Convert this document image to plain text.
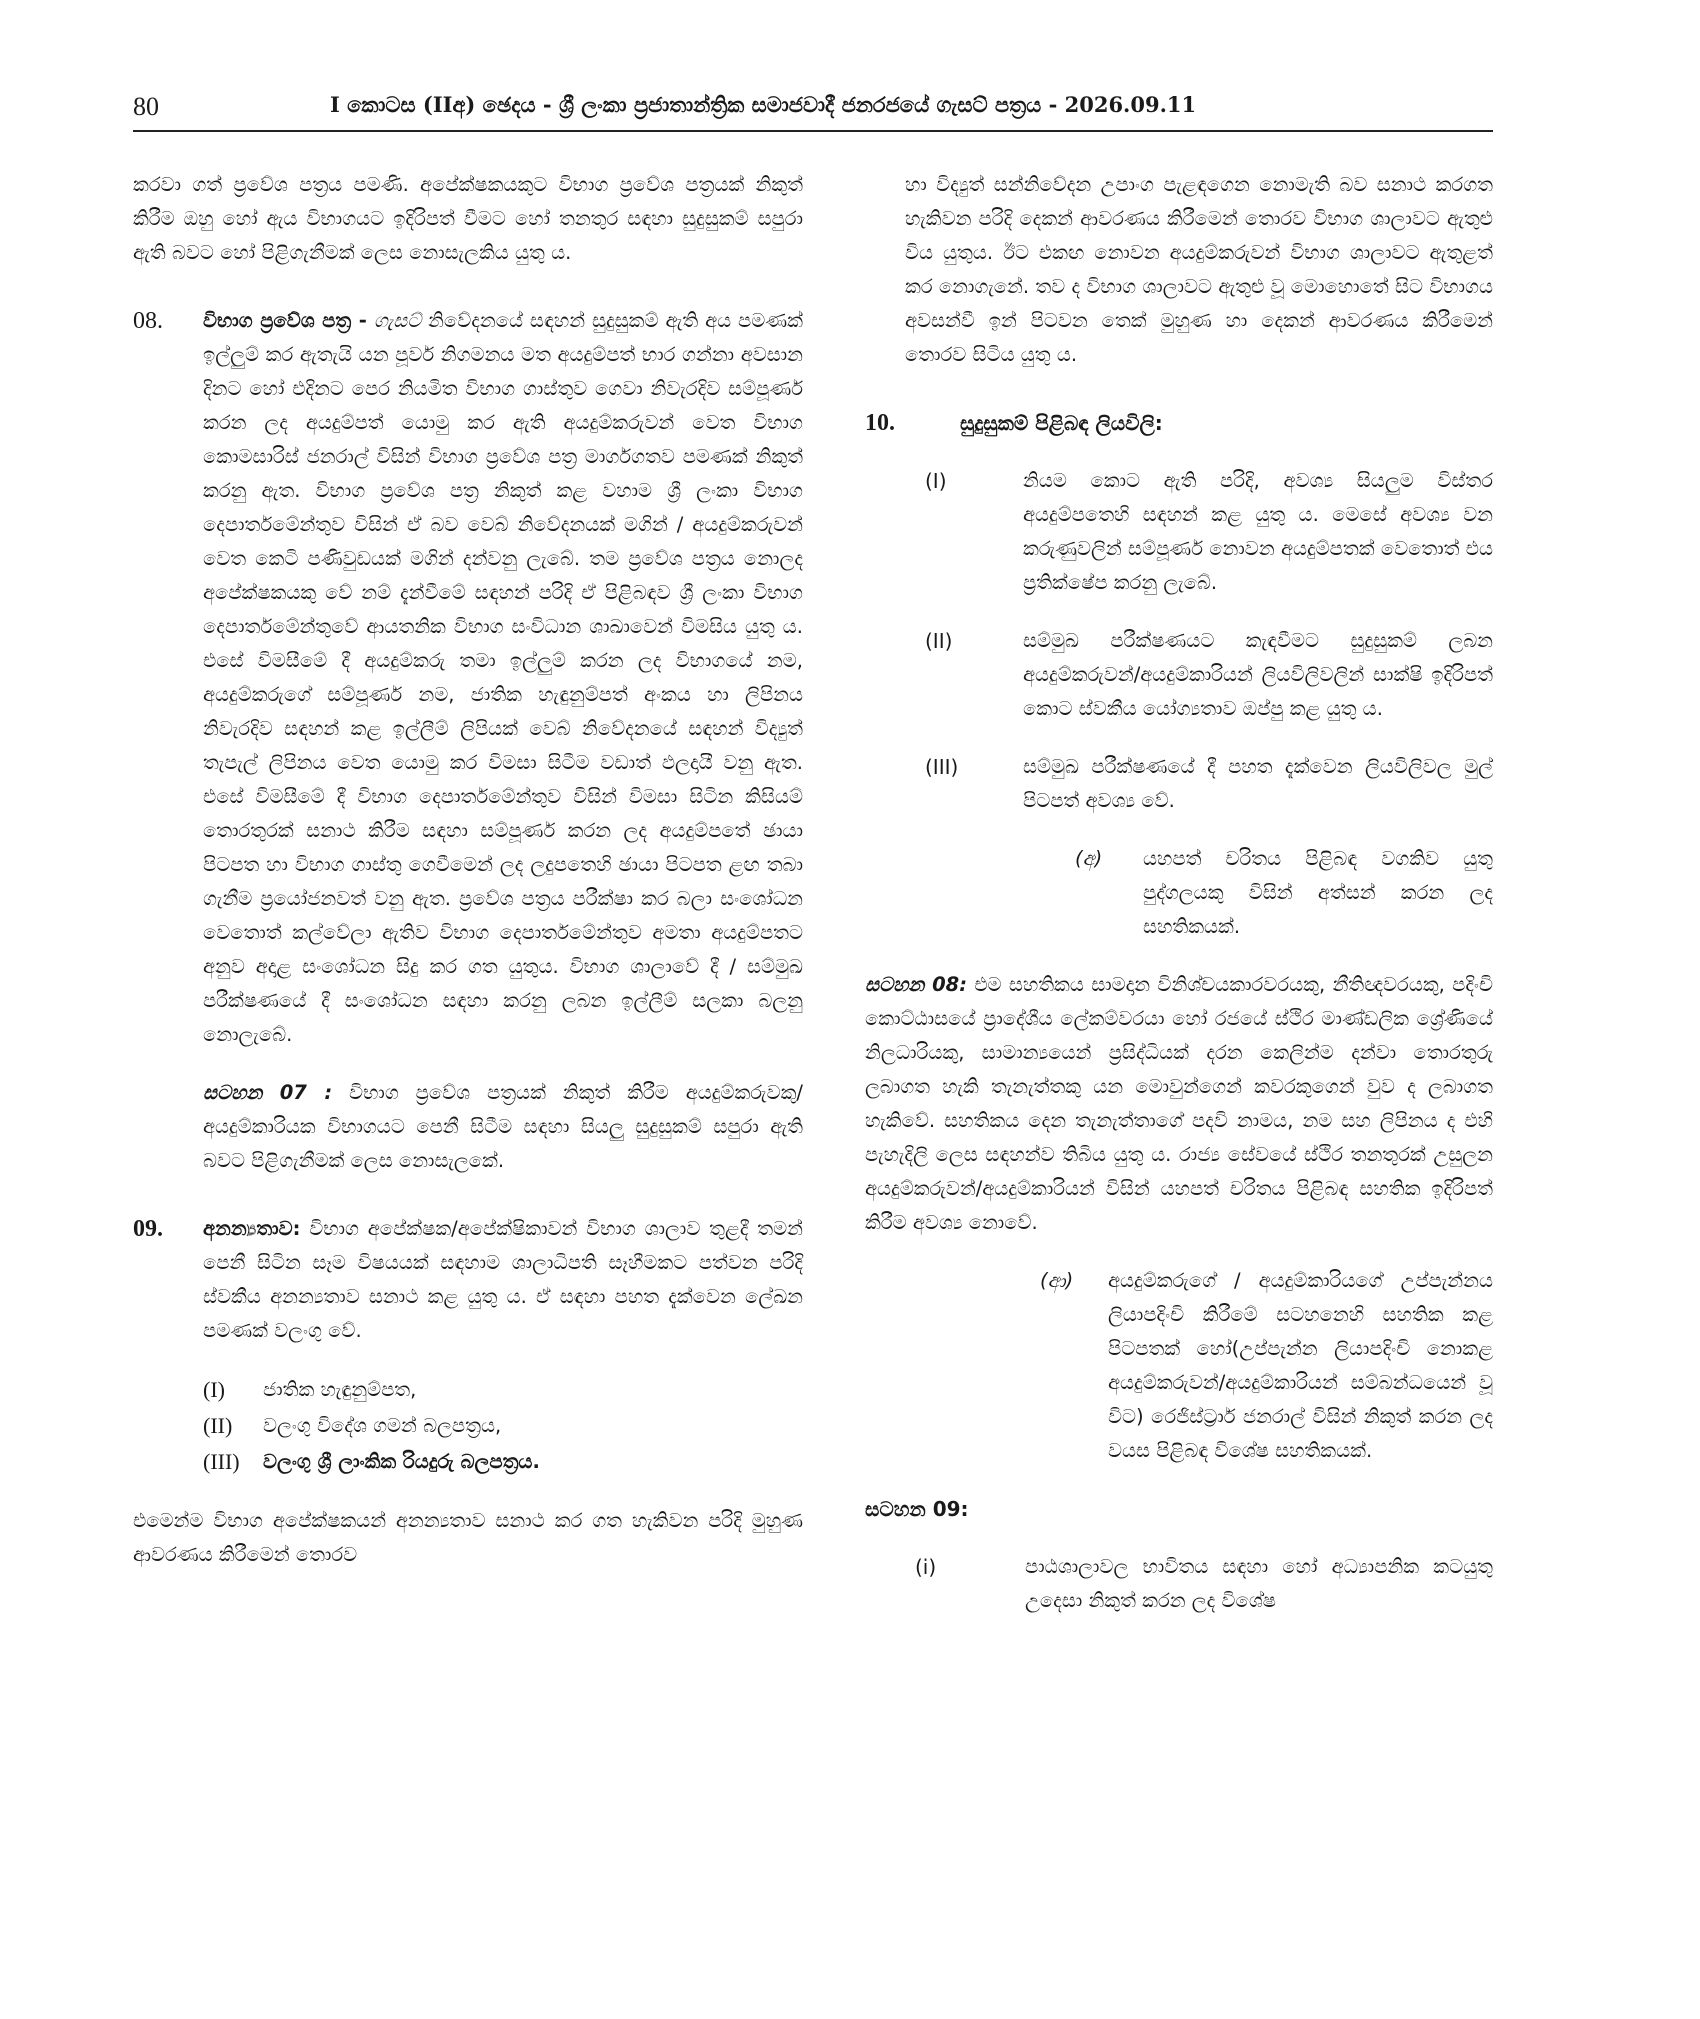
80	I කොටස (IIඅ) ඡෙදය - ශ්‍රී ලංකා ප්‍රජාතාන්ත්‍රික සමාජවාදී ජනරජයේ ගැසට් පත්‍රය - 2026.09.11

කරවා ගත් ප්‍රවේශ පත්‍රය පමණි. අපේක්ෂකයකුට විභාග ප්‍රවේශ පත්‍රයක් නිකුත් කිරීම ඔහු හෝ ඇය විභාගයට ඉදිරිපත් වීමට හෝ තනතුර සඳහා සුදුසුකම් සපුරා ඇති බවට හෝ පිළිගැනීමක් ලෙස නොසැලකිය යුතු ය.

08.	විභාග ප්‍රවේශ පත්‍ර - ගැසට් නිවේදනයේ සඳහන් සුදුසුකම් ඇති අය පමණක් ඉල්ලුම් කර ඇතැයි යන පූර්ව නිගමනය මත අයදුම්පත් භාර ගන්නා අවසාන දිනට හෝ එදිනට පෙර නියමිත විභාග ගාස්තුව ගෙවා නිවැරදිව සම්පූර්ණ කරන ලද අයදුම්පත් යොමු කර ඇති අයදුම්කරුවන් වෙත විභාග කොමසාරිස් ජනරාල් විසින් විභාග ප්‍රවේශ පත්‍ර මාර්ගගතව පමණක් නිකුත් කරනු ඇත. විභාග ප්‍රවේශ පත්‍ර නිකුත් කළ වහාම ශ්‍රී ලංකා විභාග දෙපාර්තමේන්තුව විසින් ඒ බව වෙබ් නිවේදනයක් මගින් / අයදුම්කරුවන් වෙත කෙටි පණිවුඩයක් මගින් දන්වනු ලැබේ. තම ප්‍රවේශ පත්‍රය නොලද අපේක්ෂකයකු වේ නම් දැන්වීමේ සඳහන් පරිදි ඒ පිළිබඳව ශ්‍රී ලංකා විභාග දෙපාර්තමේන්තුවේ ආයතනික විභාග සංවිධාන ශාඛාවෙන් විමසිය යුතු ය. එසේ විමසීමේ දී අයදුම්කරු තමා ඉල්ලුම් කරන ලද විභාගයේ නම, අයදුම්කරුගේ සම්පූර්ණ නම, ජාතික හැඳුනුම්පත් අංකය හා ලිපිනය නිවැරදිව සඳහන් කළ ඉල්ලීම් ලිපියක් වෙබ් නිවේදනයේ සඳහන් විද්‍යුත් තැපැල් ලිපිනය වෙත යොමු කර විමසා සිටීම වඩාත් ඵලදායී වනු ඇත. එසේ විමසීමේ දී විභාග දෙපාර්තමේන්තුව විසින් විමසා සිටින කිසියම් තොරතුරක් සනාථ කිරීම සඳහා සම්පූර්ණ කරන ලද අයදුම්පතේ ඡායා පිටපත හා විභාග ගාස්තු ගෙවීමෙන් ලද ලදුපතෙහි ඡායා පිටපත ළඟ තබා ගැනීම ප්‍රයෝජනවත් වනු ඇත. ප්‍රවේශ පත්‍රය පරීක්ෂා කර බලා සංශෝධන වෙතොත් කල්වේලා ඇතිව විභාග දෙපාර්තමේන්තුව අමතා අයදුම්පතට අනුව අදාළ සංශෝධන සිදු කර ගත යුතුය. විභාග ශාලාවේ දී / සම්මුඛ පරීක්ෂණයේ දී සංශෝධන සඳහා කරනු ලබන ඉල්ලීම් සලකා බලනු නොලැබේ.

සටහන 07 : විභාග ප්‍රවේශ පත්‍රයක් නිකුත් කිරීම අයදුම්කරුවකු/අයදුම්කාරියක විභාගයට පෙනී සිටීම සඳහා සියලු සුදුසුකම් සපුරා ඇති බවට පිළිගැනීමක් ලෙස නොසැලකේ.

09.	අනන්‍යතාව: විභාග අපේක්ෂක/අපේක්ෂිකාවන් විභාග ශාලාව තුළදී තමන් පෙනී සිටින සෑම විෂයයක් සඳහාම ශාලාධිපති සෑහීමකට පත්වන පරිදි ස්වකීය අනන්‍යතාව සනාථ කළ යුතු ය. ඒ සඳහා පහත දැක්වෙන ලේඛන පමණක් වලංගු වේ.

(I)	ජාතික හැඳුනුම්පත,
(II)	වලංගු විදේශ ගමන් බලපත්‍රය,
(III)	වලංගු ශ්‍රී ලාංකික රියදුරු බලපත්‍රය.

එමෙන්ම විභාග අපේක්ෂකයන් අනන්‍යතාව සනාථ කර ගත හැකිවන පරිදි මුහුණ ආවරණය කිරීමෙන් තොරව

හා විද්‍යුත් සන්නිවේදන උපාංග පැළඳගෙන නොමැති බව සනාථ කරගත හැකිවන පරිදි දෙකන් ආවරණය කිරීමෙන් තොරව විභාග ශාලාවට ඇතුළු විය යුතුය. ඊට එකඟ නොවන අයදුම්කරුවන් විභාග ශාලාවට ඇතුළත් කර නොගැනේ. තව ද විභාග ශාලාවට ඇතුළු වූ මොහොතේ සිට විභාගය අවසන්වී ඉන් පිටවන තෙක් මුහුණ හා දෙකන් ආවරණය කිරීමෙන් තොරව සිටිය යුතු ය.

10.	සුදුසුකම් පිළිබඳ ලියවිලි:
(I)	නියම කොට ඇති පරිදි, අවශ්‍ය සියලුම විස්තර අයදුම්පතෙහි සඳහන් කළ යුතු ය. මෙසේ අවශ්‍ය වන කරුණුවලින් සම්පූර්ණ නොවන අයදුම්පතක් වෙතොත් එය ප්‍රතික්ෂේප කරනු ලැබේ.

(II)	සම්මුඛ පරීක්ෂණයට කැඳවීමට සුදුසුකම් ලබන අයදුම්කරුවන්/අයදුම්කාරියන් ලියවිලිවලින් සාක්ෂි ඉදිරිපත් කොට ස්වකීය යෝග්‍යතාව ඔප්පු කළ යුතු ය.

(III)	සම්මුඛ පරීක්ෂණයේ දී පහත දැක්වෙන ලියවිලිවල මුල් පිටපත් අවශ්‍ය වේ.

(අ)	යහපත් චරිතය පිළිබඳ වගකිව යුතු පුද්ගලයකු විසින් අත්සන් කරන ලද සහතිකයක්.

සටහන 08: එම සහතිකය සාමදාන විනිශ්චයකාරවරයකු, නීතිඥවරයකු, පදිංචි කොට්ඨාසයේ ප්‍රාදේශීය ලේකම්වරයා හෝ රජයේ ස්ථිර මාණ්ඩලික ශ්‍රේණියේ නිලධාරියකු, සාමාන්‍යයෙන් ප්‍රසිද්ධියක් දරන කෙලින්ම දන්වා තොරතුරු ලබාගත හැකි තැනැත්තකු යන මොවුන්ගෙන් කවරකුගෙන් වුව ද ලබාගත හැකිවේ. සහතිකය දෙන තැනැත්තාගේ පදවි නාමය, නම සහ ලිපිනය ද එහි පැහැදිලි ලෙස සඳහන්ව තිබිය යුතු ය. රාජ්‍ය සේවයේ ස්ථිර තනතුරක් උසුලන අයදුම්කරුවන්/අයදුම්කාරියන් විසින් යහපත් චරිතය පිළිබඳ සහතික ඉදිරිපත් කිරීම අවශ්‍ය නොවේ.

(ආ)	අයදුම්කරුගේ / අයදුම්කාරියගේ උප්පැන්නය ලියාපදිංචි කිරීමේ සටහනෙහි සහතික කළ පිටපතක් හෝ(උප්පැන්න ලියාපදිංචි නොකළ අයදුම්කරුවන්/අයදුම්කාරියන් සම්බන්ධයෙන් වූ විට) රෙජිස්ට්‍රාර් ජනරාල් විසින් නිකුත් කරන ලද වයස පිළිබඳ විශේෂ සහතිකයක්.

සටහන 09:
(i)	පාඨශාලාවල භාවිතය සඳහා හෝ අධ්‍යාපනික කටයුතු උදෙසා නිකුත් කරන ලද විශේෂ
